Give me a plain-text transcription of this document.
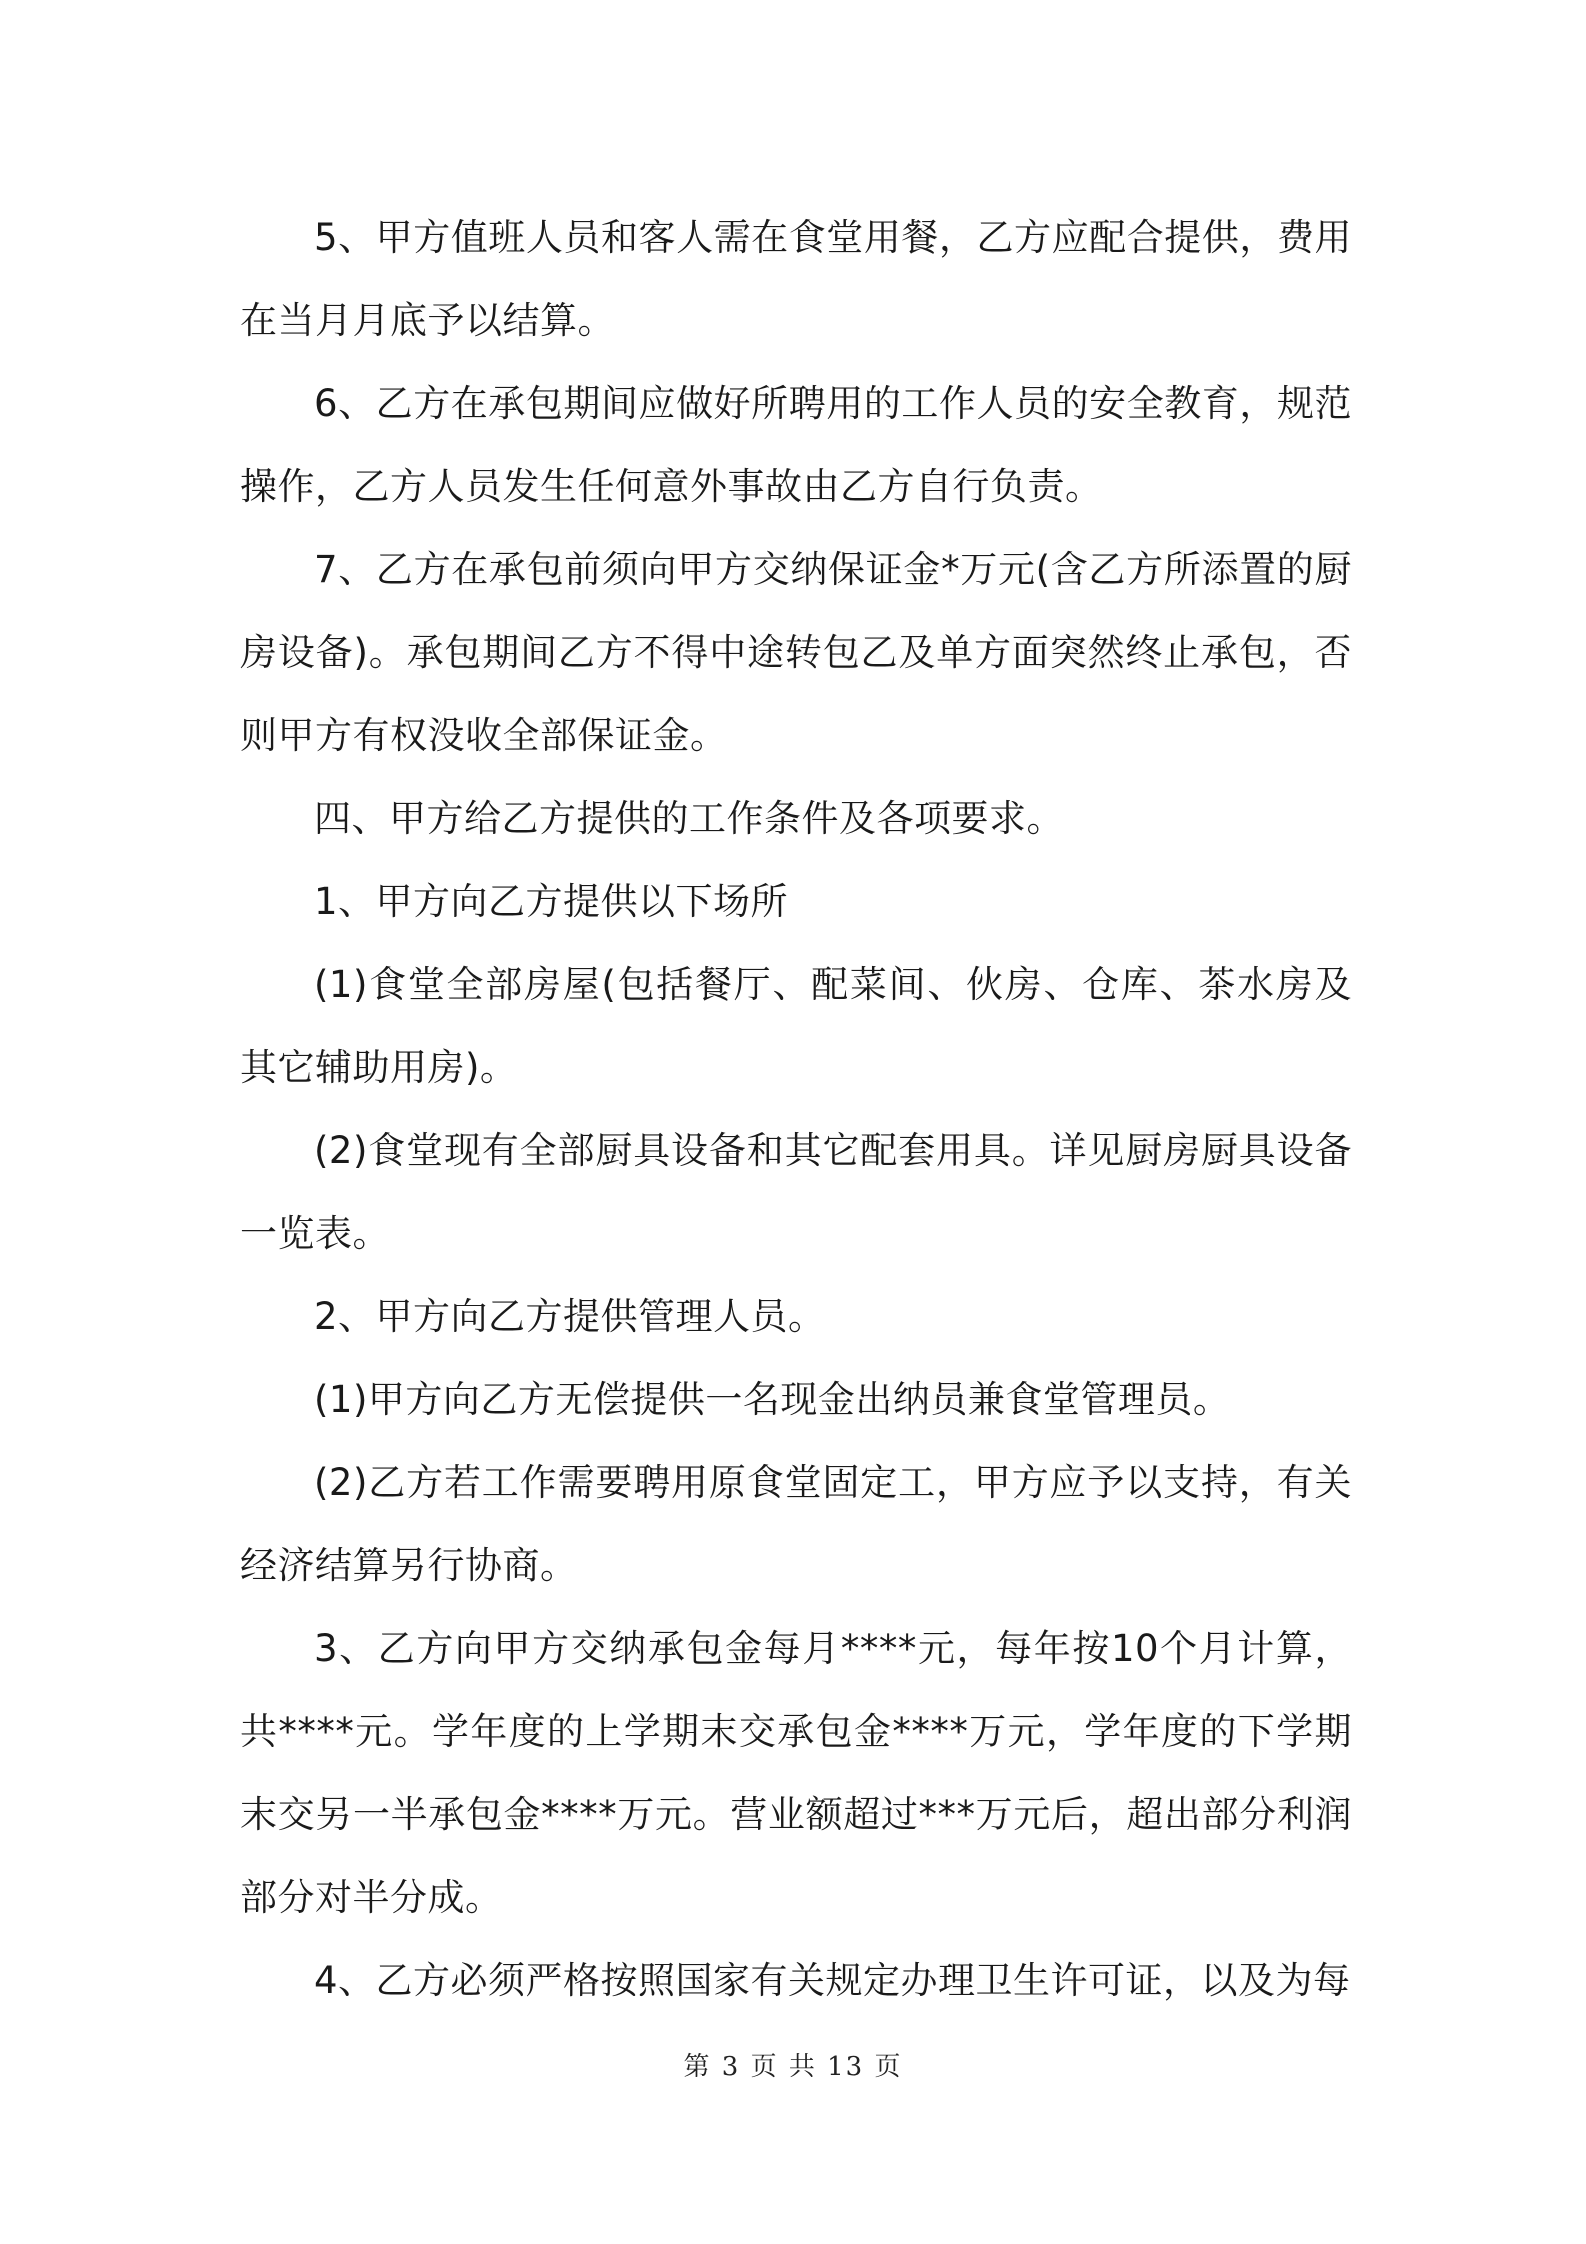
5、甲方值班人员和客人需在食堂用餐，乙方应配合提供，费用在当月月底予以结算。

6、乙方在承包期间应做好所聘用的工作人员的安全教育，规范操作，乙方人员发生任何意外事故由乙方自行负责。

7、乙方在承包前须向甲方交纳保证金*万元(含乙方所添置的厨房设备)。承包期间乙方不得中途转包乙及单方面突然终止承包，否则甲方有权没收全部保证金。

四、甲方给乙方提供的工作条件及各项要求。

1、甲方向乙方提供以下场所

(1)食堂全部房屋(包括餐厅、配菜间、伙房、仓库、茶水房及其它辅助用房)。

(2)食堂现有全部厨具设备和其它配套用具。详见厨房厨具设备一览表。

2、甲方向乙方提供管理人员。

(1)甲方向乙方无偿提供一名现金出纳员兼食堂管理员。

(2)乙方若工作需要聘用原食堂固定工，甲方应予以支持，有关经济结算另行协商。

3、乙方向甲方交纳承包金每月****元，每年按10个月计算，共****元。学年度的上学期末交承包金****万元，学年度的下学期末交另一半承包金****万元。营业额超过***万元后，超出部分利润部分对半分成。

4、乙方必须严格按照国家有关规定办理卫生许可证，以及为每

第 3 页 共 13 页
